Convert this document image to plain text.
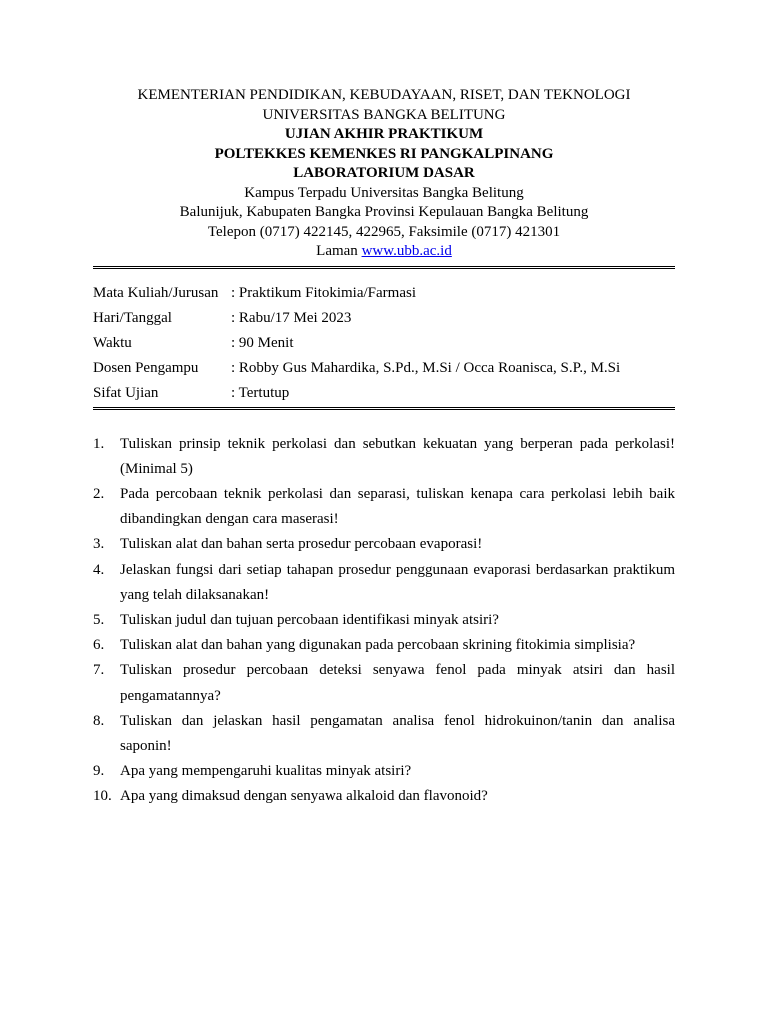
KEMENTERIAN PENDIDIKAN, KEBUDAYAAN, RISET, DAN TEKNOLOGI
UNIVERSITAS BANGKA BELITUNG
UJIAN AKHIR PRAKTIKUM
POLTEKKES KEMENKES RI PANGKALPINANG
LABORATORIUM DASAR
Kampus Terpadu Universitas Bangka Belitung
Balunijuk, Kabupaten Bangka Provinsi Kepulauan Bangka Belitung
Telepon (0717) 422145, 422965, Faksimile (0717) 421301
Laman www.ubb.ac.id
Mata Kuliah/Jurusan : Praktikum Fitokimia/Farmasi
Hari/Tanggal	: Rabu/17 Mei 2023
Waktu	: 90 Menit
Dosen Pengampu	: Robby Gus Mahardika, S.Pd., M.Si / Occa Roanisca, S.P., M.Si
Sifat Ujian	: Tertutup
1.	Tuliskan prinsip teknik perkolasi dan sebutkan kekuatan yang berperan pada perkolasi! (Minimal 5)
2.	Pada percobaan teknik perkolasi dan separasi, tuliskan kenapa cara perkolasi lebih baik dibandingkan dengan cara maserasi!
3.	Tuliskan alat dan bahan serta prosedur percobaan evaporasi!
4.	Jelaskan fungsi dari setiap tahapan prosedur penggunaan evaporasi berdasarkan praktikum yang telah dilaksanakan!
5.	Tuliskan judul dan tujuan percobaan identifikasi minyak atsiri?
6.	Tuliskan alat dan bahan yang digunakan pada percobaan skrining fitokimia simplisia?
7.	Tuliskan prosedur percobaan deteksi senyawa fenol pada minyak atsiri dan hasil pengamatannya?
8.	Tuliskan dan jelaskan hasil pengamatan analisa fenol hidrokuinon/tanin dan analisa saponin!
9.	Apa yang mempengaruhi kualitas minyak atsiri?
10. Apa yang dimaksud dengan senyawa alkaloid dan flavonoid?
